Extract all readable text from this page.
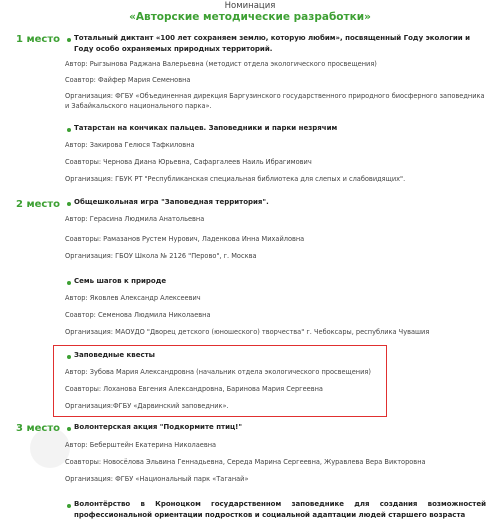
Номинация
«Авторские методические разработки»
1 место
2 место
3 место
Тотальный диктант «100 лет сохраняем землю, которую любим», посвященный Году экологии и Году особо охраняемых природных территорий.
Автор: Рыгзынова Раджана Валерьевна (методист отдела экологического просвещения)
Соавтор: Файфер Мария Семеновна
Организация: ФГБУ «Объединенная дирекция Баргузинского государственного природного биосферного заповедника и Забайкальского национального парка».
Татарстан на кончиках пальцев. Заповедники и парки незрячим
Автор: Закирова Гелюся Тафкиловна
Соавторы: Чернова Диана Юрьевна, Сафаргалеев Наиль Ибрагимович
Организация: ГБУК РТ "Республиканская специальная библиотека для слепых и слабовидящих".
Общешкольная игра "Заповедная территория".
Автор: Герасина Людмила Анатольевна
Соавторы: Рамазанов Рустем Нурович, Ладенкова Инна Михайловна
Организация: ГБОУ Школа № 2126 "Перово", г. Москва
Семь шагов к природе
Автор: Яковлев Александр Алексеевич
Соавтор: Семенова Людмила Николаевна
Организация: МАОУДО "Дворец детского (юношеского) творчества" г. Чебоксары, республика Чувашия
Заповедные квесты
Автор: Зубова Мария Александровна (начальник отдела экологического просвещения)
Соавторы: Лоханова Евгения Александровна, Баринова Мария Сергеевна
Организация:ФГБУ «Дарвинский заповедник».
Волонтерская акция "Подкормите птиц!"
Автор: Беберштейн Екатерина Николаевна
Соавторы: Новосёлова Эльвина Геннадьевна, Середа Марина Сергеевна, Журавлева Вера Викторовна
Организация: ФГБУ «Национальный парк «Таганай»
Волонтёрство в Кроноцком государственном заповеднике для создания возможностей профессиональной ориентации подростков и социальной адаптации людей старшего возраста
